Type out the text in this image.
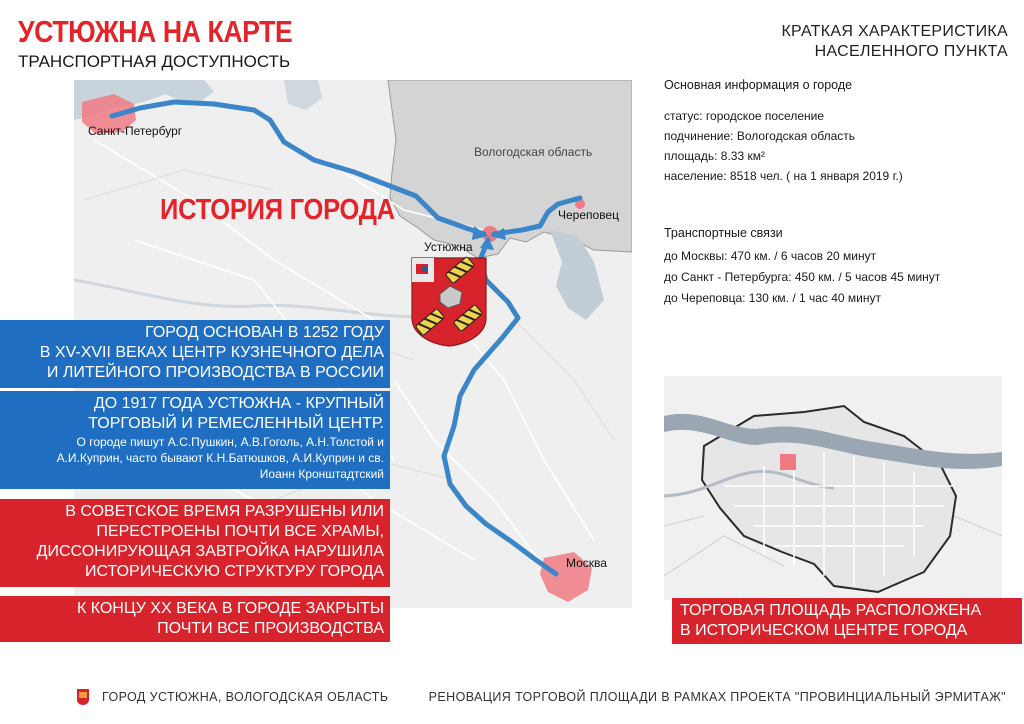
УСТЮЖНА НА КАРТЕ
ТРАНСПОРТНАЯ ДОСТУПНОСТЬ
КРАТКАЯ ХАРАКТЕРИСТИКА
НАСЕЛЕННОГО ПУНКТА
Санкт-Петербург
Устюжна
Череповец
Москва
Вологодская область
ИСТОРИЯ ГОРОДА
ГОРОД ОСНОВАН В 1252 ГОДУ
В XV-XVII ВЕКАХ ЦЕНТР КУЗНЕЧНОГО ДЕЛА
И ЛИТЕЙНОГО ПРОИЗВОДСТВА В РОССИИ
ДО 1917 ГОДА УСТЮЖНА - КРУПНЫЙ
ТОРГОВЫЙ И РЕМЕСЛЕННЫЙ ЦЕНТР.
О городе пишут А.С.Пушкин, А.В.Гоголь, А.Н.Толстой и
А.И.Куприн, часто бывают К.Н.Батюшков, А.И.Куприн и св.
Иоанн Кронштадтский
В СОВЕТСКОЕ ВРЕМЯ РАЗРУШЕНЫ ИЛИ
ПЕРЕСТРОЕНЫ ПОЧТИ ВСЕ ХРАМЫ,
ДИССОНИРУЮЩАЯ ЗАВТРОЙКА НАРУШИЛА
ИСТОРИЧЕСКУЮ СТРУКТУРУ ГОРОДА
К КОНЦУ XX ВЕКА В ГОРОДЕ ЗАКРЫТЫ
ПОЧТИ ВСЕ ПРОИЗВОДСТВА
Основная информация о городе
статус: городское поселение
подчинение: Вологодская область
площадь: 8.33 км²
население: 8518 чел. ( на 1 января 2019 г.)
Транспортные связи
до Москвы: 470 км. / 6 часов 20 минут
до Санкт - Петербурга: 450 км. / 5 часов 45 минут
до Череповца: 130 км. / 1 час 40 минут
ТОРГОВАЯ ПЛОЩАДЬ РАСПОЛОЖЕНА
В ИСТОРИЧЕСКОМ ЦЕНТРЕ ГОРОДА
ГОРОД УСТЮЖНА, ВОЛОГОДСКАЯ ОБЛАСТЬ	РЕНОВАЦИЯ ТОРГОВОЙ ПЛОЩАДИ В РАМКАХ ПРОЕКТА "ПРОВИНЦИАЛЬНЫЙ ЭРМИТАЖ"
